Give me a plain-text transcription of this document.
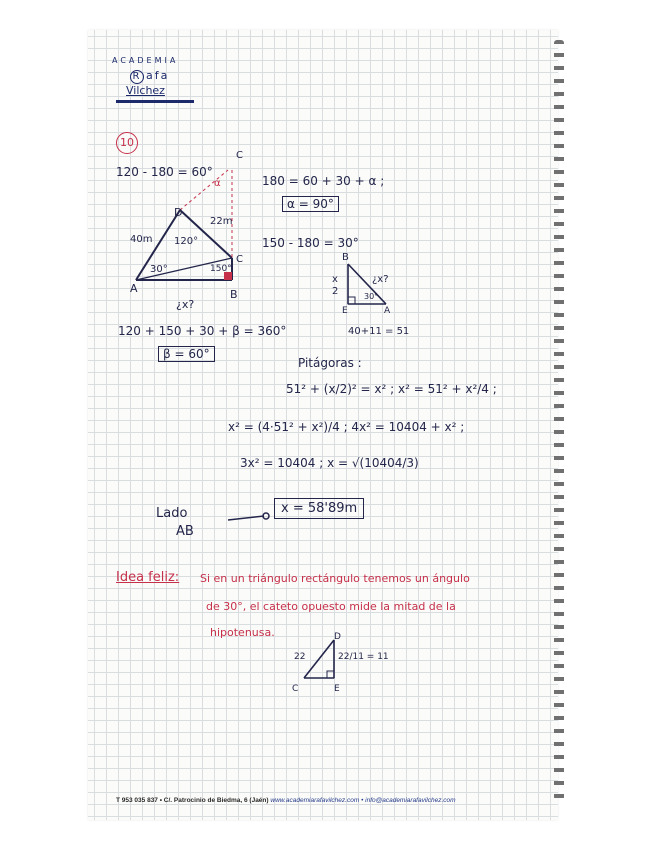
ACADEMIA
R afa
Vilchez
10
120 - 180 = 60°
180 = 60 + 30 + α ;
α = 90°
150 - 180 = 30°
120 + 150 + 30 + β = 360°
β = 60°
C
α
D
120°
40m
22m
C
150°
30°
A	B
¿x?
B
x
2
¿x?
30°
E	A
40+11 = 51
Pitágoras :
51² + (x/2)² = x² ; x² = 51² + x²/4 ;
x² = (4·51² + x²)/4 ; 4x² = 10404 + x² ;
3x² = 10404 ; x = √(10404/3)
Lado
AB
x = 58'89m
Idea feliz: Si en un triángulo rectángulo tenemos un ángulo
de 30°, el cateto opuesto mide la mitad de la
hipotenusa.	D
22	22/11 = 11
C	E
T 953 035 837 • C/. Patrocinio de Biedma, 6 (Jaén) www.academiarafavilchez.com • info@academiarafavilchez.com
